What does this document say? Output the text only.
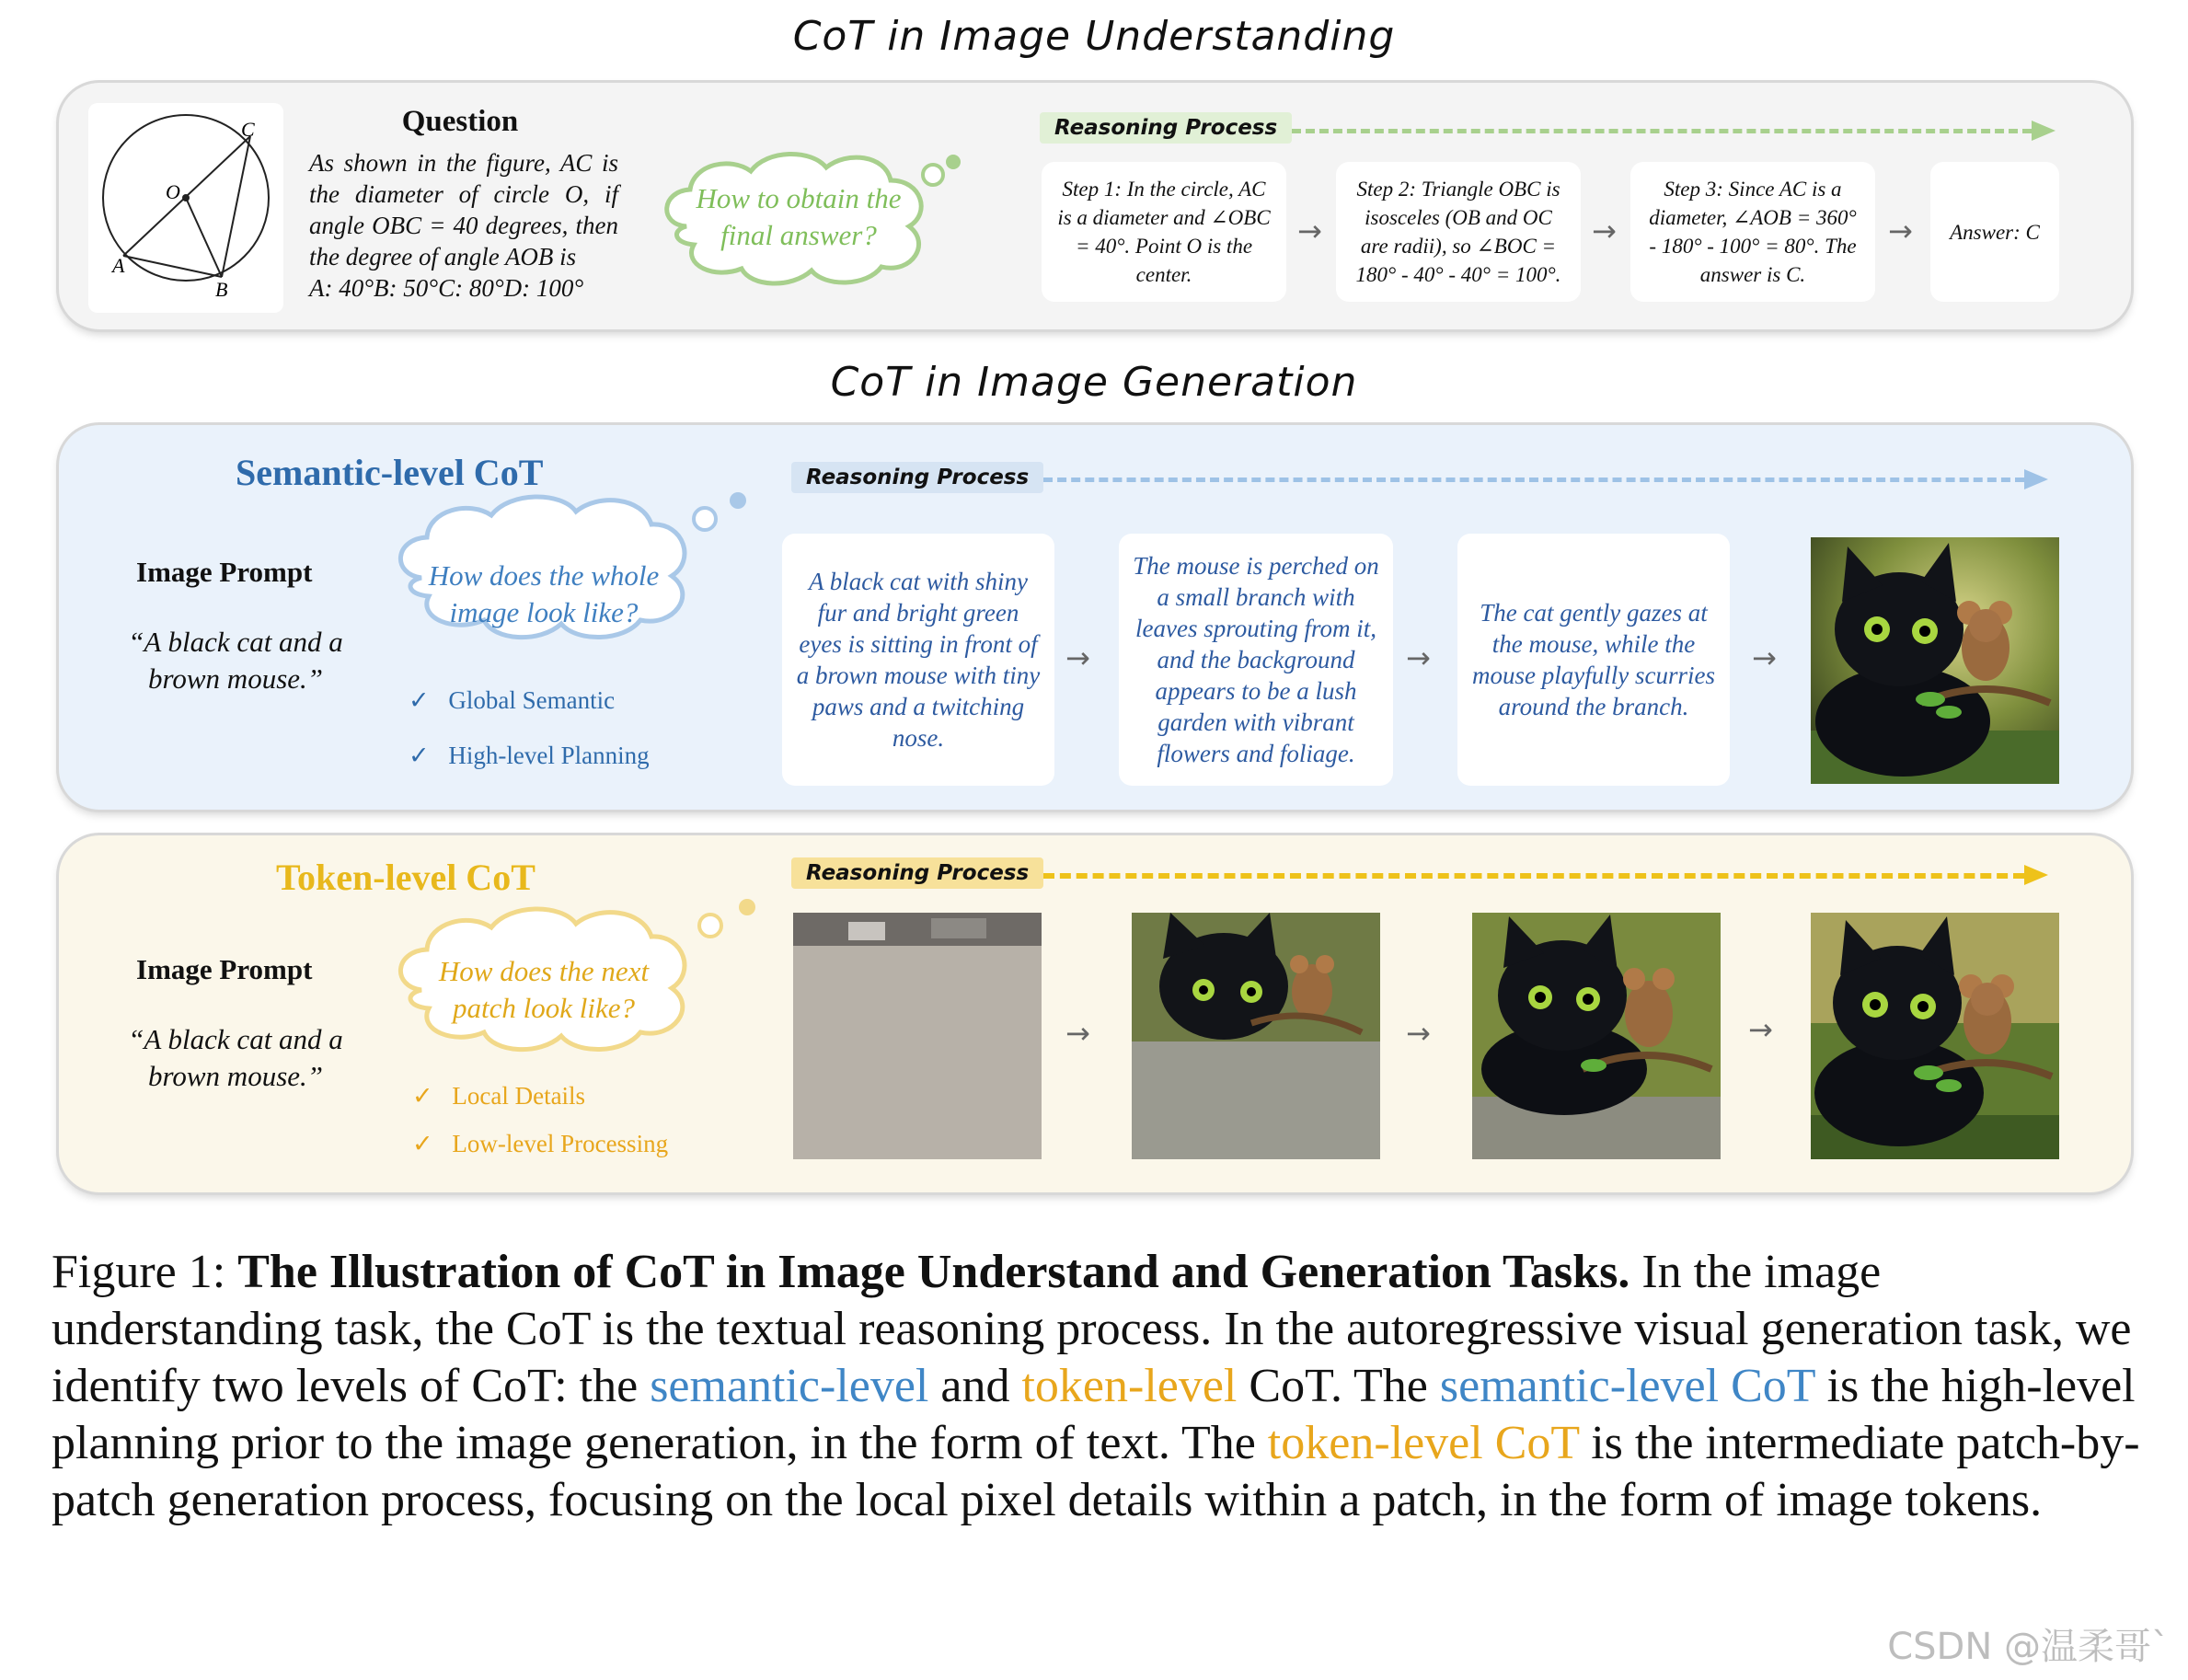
CoT in Image Understanding
C
O
A
B
Question
As shown in the figure, AC is the diameter of circle O, if angle OBC = 40 degrees, then the degree of angle AOB is
A: 40°B: 50°C: 80°D: 100°
How to obtain the final answer?
Reasoning Process
Step 1: In the circle, AC is a diameter and ∠OBC = 40°. Point O is the center.
→
Step 2: Triangle OBC is isosceles (OB and OC are radii), so ∠BOC = 180° - 40° - 40° = 100°.
→
Step 3: Since AC is a diameter, ∠AOB = 360° - 180° - 100° = 80°. The answer is C.
→	Answer: C
CoT in Image Generation
Semantic-level CoT
Image Prompt
“A black cat and a brown mouse.”
How does the whole image look like?
✓ Global Semantic
✓ High-level Planning
Reasoning Process
A black cat with shiny fur and bright green eyes is sitting in front of a brown mouse with tiny paws and a twitching nose.
→
The mouse is perched on a small branch with leaves sprouting from it, and the background appears to be a lush garden with vibrant flowers and foliage.
→
The cat gently gazes at the mouse, while the mouse playfully scurries around the branch.
→
Token-level CoT
Image Prompt
“A black cat and a brown mouse.”
How does the next patch look like?
✓ Local Details
✓ Low-level Processing
Reasoning Process
→	→	→
Figure 1: The Illustration of CoT in Image Understand and Generation Tasks. In the image understanding task, the CoT is the textual reasoning process. In the autoregressive visual generation task, we identify two levels of CoT: the semantic-level and token-level CoT. The semantic-level CoT is the high-level planning prior to the image generation, in the form of text. The token-level CoT is the intermediate patch-by-patch generation process, focusing on the local pixel details within a patch, in the form of image tokens.
CSDN @温柔哥`
